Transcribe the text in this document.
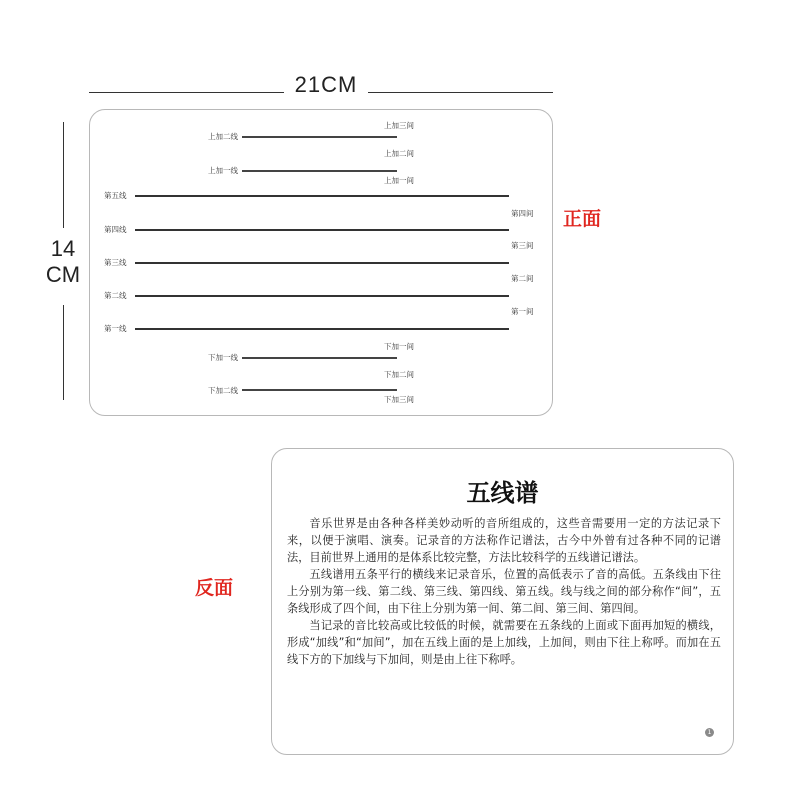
21CM
14
CM
上加二线
上加一线
上加三间
上加二间
上加一间
第五线
第四线
第三线
第二线
第一线
第四间
第三间
第二间
第一间
下加一线
下加二线
下加一间
下加二间
下加三间
正面
反面
五线谱

音乐世界是由各种各样美妙动听的音所组成的，这些音需要用一定的方法记录下来，以便于演唱、演奏。记录音的方法称作记谱法，古今中外曾有过各种不同的记谱法，目前世界上通用的是体系比较完整，方法比较科学的五线谱记谱法。

五线谱用五条平行的横线来记录音乐，位置的高低表示了音的高低。五条线由下往上分别为第一线、第二线、第三线、第四线、第五线。线与线之间的部分称作“间”，五条线形成了四个间，由下往上分别为第一间、第二间、第三间、第四间。

当记录的音比较高或比较低的时候，就需要在五条线的上面或下面再加短的横线，形成“加线”和“加间”，加在五线上面的是上加线，上加间，则由下往上称呼。而加在五线下方的下加线与下加间，则是由上往下称呼。

1
